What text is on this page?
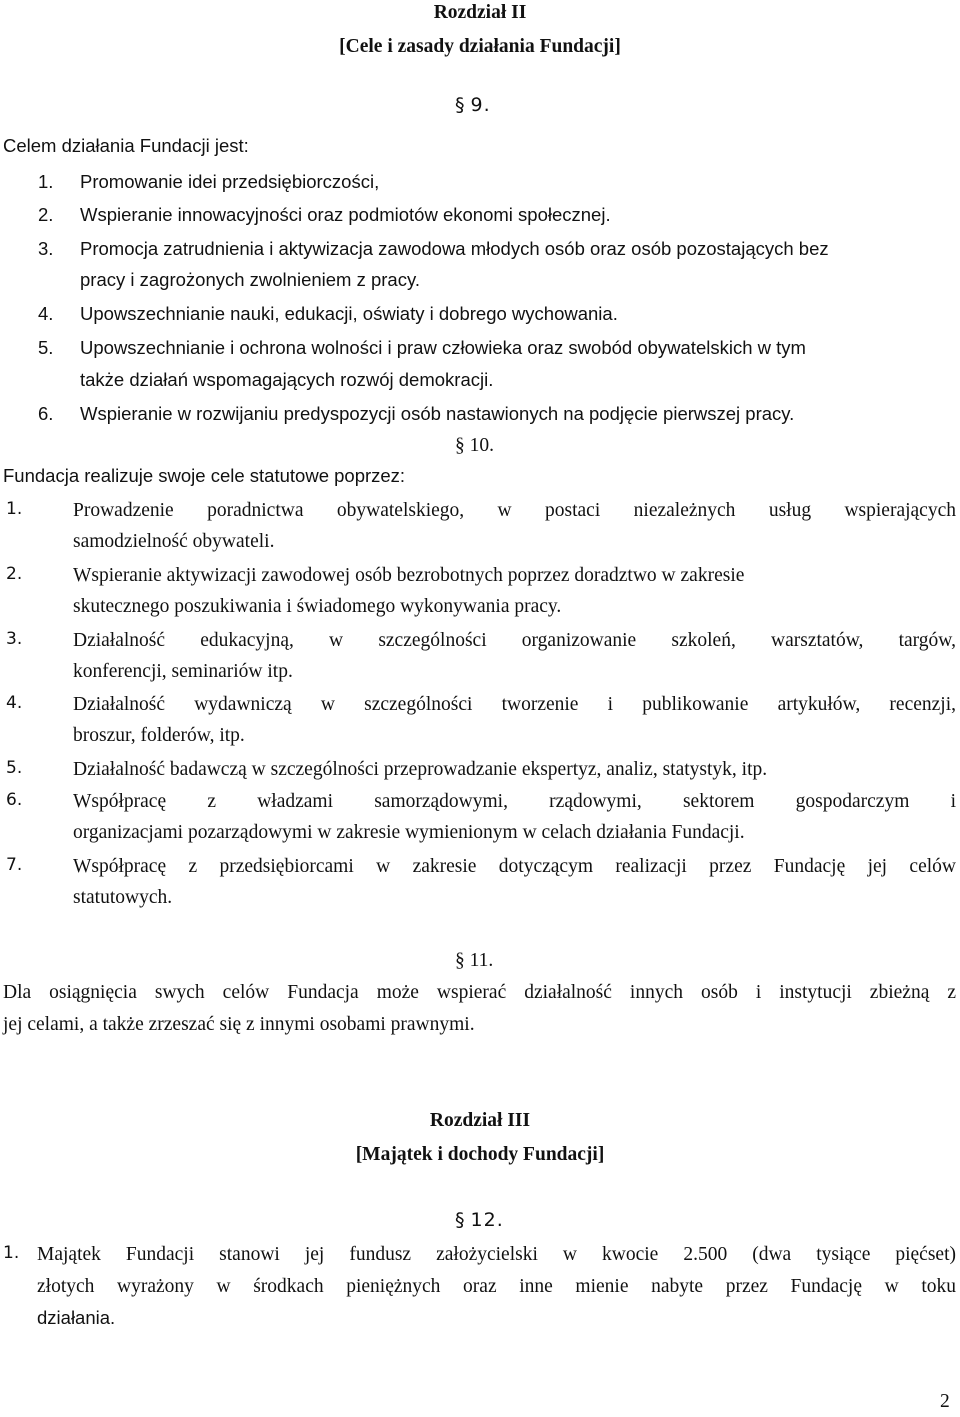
Rozdział II
[Cele i zasady działania Fundacji]
§ 9.
Celem działania Fundacji jest:
1. Promowanie idei przedsiębiorczości,
2. Wspieranie innowacyjności oraz podmiotów ekonomi społecznej.
3. Promocja zatrudnienia i aktywizacja zawodowa młodych osób oraz osób pozostających bez
pracy i zagrożonych zwolnieniem z pracy.
4. Upowszechnianie nauki, edukacji, oświaty i dobrego wychowania.
5. Upowszechnianie i ochrona wolności i praw człowieka oraz swobód obywatelskich w tym
także działań wspomagających rozwój demokracji.
6. Wspieranie w rozwijaniu predyspozycji osób nastawionych na podjęcie pierwszej pracy.
§ 10.
Fundacja realizuje swoje cele statutowe poprzez:
1.	Prowadzenie poradnictwa obywatelskiego, w postaci niezależnych usług wspierających
samodzielność obywateli.
2.	Wspieranie aktywizacji zawodowej osób bezrobotnych poprzez doradztwo w zakresie
skutecznego poszukiwania i świadomego wykonywania pracy.
3.	Działalność edukacyjną, w szczególności organizowanie szkoleń, warsztatów, targów,
konferencji, seminariów itp.
4.	Działalność wydawniczą w szczególności tworzenie i publikowanie artykułów, recenzji,
broszur, folderów, itp.
5.	Działalność badawczą w szczególności przeprowadzanie ekspertyz, analiz, statystyk, itp.
6.	Współpracę z władzami samorządowymi, rządowymi, sektorem gospodarczym i
organizacjami pozarządowymi w zakresie wymienionym w celach działania Fundacji.
7.	Współpracę z przedsiębiorcami w zakresie dotyczącym realizacji przez Fundację jej celów
statutowych.
§ 11.
Dla osiągnięcia swych celów Fundacja może wspierać działalność innych osób i instytucji zbieżną z
jej celami, a także zrzeszać się z innymi osobami prawnymi.
Rozdział III
[Majątek i dochody Fundacji]
§ 12.
1. Majątek Fundacji stanowi jej fundusz założycielski w kwocie 2.500 (dwa tysiące pięćset)
złotych wyrażony w środkach pieniężnych oraz inne mienie nabyte przez Fundację w toku
działania.
2
